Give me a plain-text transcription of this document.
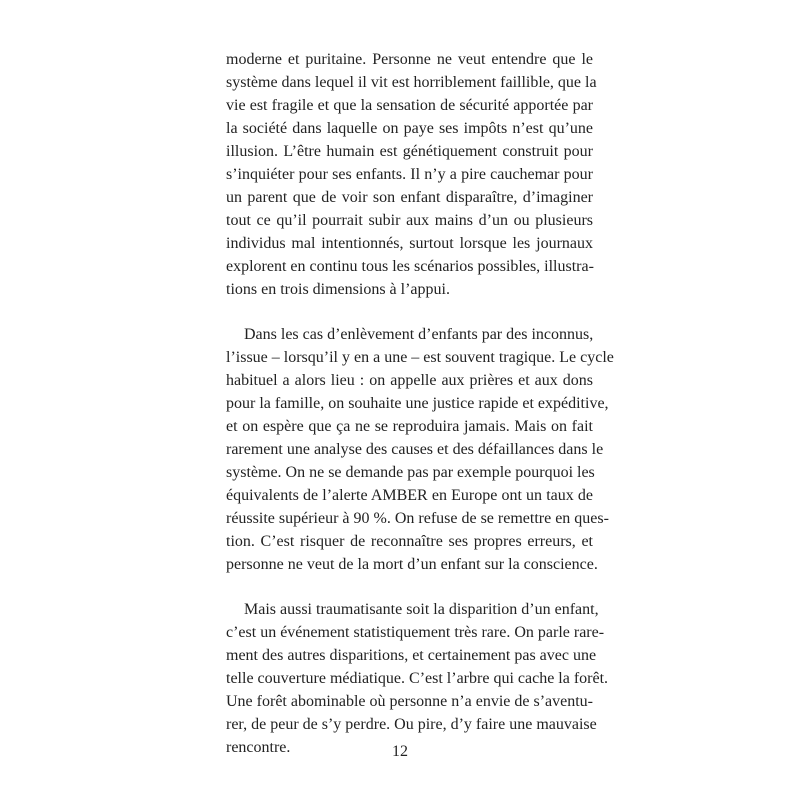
moderne et puritaine. Personne ne veut entendre que le
système dans lequel il vit est horriblement faillible, que la
vie est fragile et que la sensation de sécurité apportée par
la société dans laquelle on paye ses impôts n’est qu’une
illusion. L’être humain est génétiquement construit pour
s’inquiéter pour ses enfants. Il n’y a pire cauchemar pour
un parent que de voir son enfant disparaître, d’imaginer
tout ce qu’il pourrait subir aux mains d’un ou plusieurs
individus mal intentionnés, surtout lorsque les journaux
explorent en continu tous les scénarios possibles, illustra-
tions en trois dimensions à l’appui.
Dans les cas d’enlèvement d’enfants par des inconnus,
l’issue – lorsqu’il y en a une – est souvent tragique. Le cycle
habituel a alors lieu : on appelle aux prières et aux dons
pour la famille, on souhaite une justice rapide et expéditive,
et on espère que ça ne se reproduira jamais. Mais on fait
rarement une analyse des causes et des défaillances dans le
système. On ne se demande pas par exemple pourquoi les
équivalents de l’alerte AMBER en Europe ont un taux de
réussite supérieur à 90 %. On refuse de se remettre en ques-
tion. C’est risquer de reconnaître ses propres erreurs, et
personne ne veut de la mort d’un enfant sur la conscience.
Mais aussi traumatisante soit la disparition d’un enfant,
c’est un événement statistiquement très rare. On parle rare-
ment des autres disparitions, et certainement pas avec une
telle couverture médiatique. C’est l’arbre qui cache la forêt.
Une forêt abominable où personne n’a envie de s’aventu-
rer, de peur de s’y perdre. Ou pire, d’y faire une mauvaise
rencontre.	12
